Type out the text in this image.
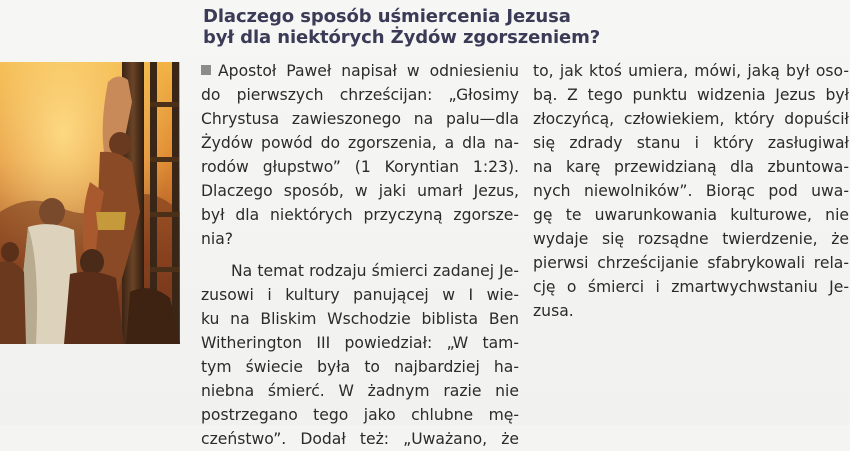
Dlaczego sposób uśmiercenia Jezusa
był dla niektórych Żydów zgorszeniem?
Apostoł Paweł napisał w odniesieniu
do pierwszych chrześcijan: „Głosimy
Chrystusa zawieszonego na palu—dla
Żydów powód do zgorszenia, a dla na-
rodów głupstwo” (1 Koryntian 1:23).
Dlaczego sposób, w jaki umarł Jezus,
był dla niektórych przyczyną zgorsze-
nia?
Na temat rodzaju śmierci zadanej Je-
zusowi i kultury panującej w I wie-
ku na Bliskim Wschodzie biblista Ben
Witherington III powiedział: „W tam-
tym świecie była to najbardziej ha-
niebna śmierć. W żadnym razie nie
postrzegano tego jako chlubne mę-
czeństwo”. Dodał też: „Uważano, że
to, jak ktoś umiera, mówi, jaką był oso-
bą. Z tego punktu widzenia Jezus był
złoczyńcą, człowiekiem, który dopuścił
się zdrady stanu i który zasługiwał
na karę przewidzianą dla zbuntowa-
nych niewolników”. Biorąc pod uwa-
gę te uwarunkowania kulturowe, nie
wydaje się rozsądne twierdzenie, że
pierwsi chrześcijanie sfabrykowali rela-
cję o śmierci i zmartwychwstaniu Je-
zusa.
